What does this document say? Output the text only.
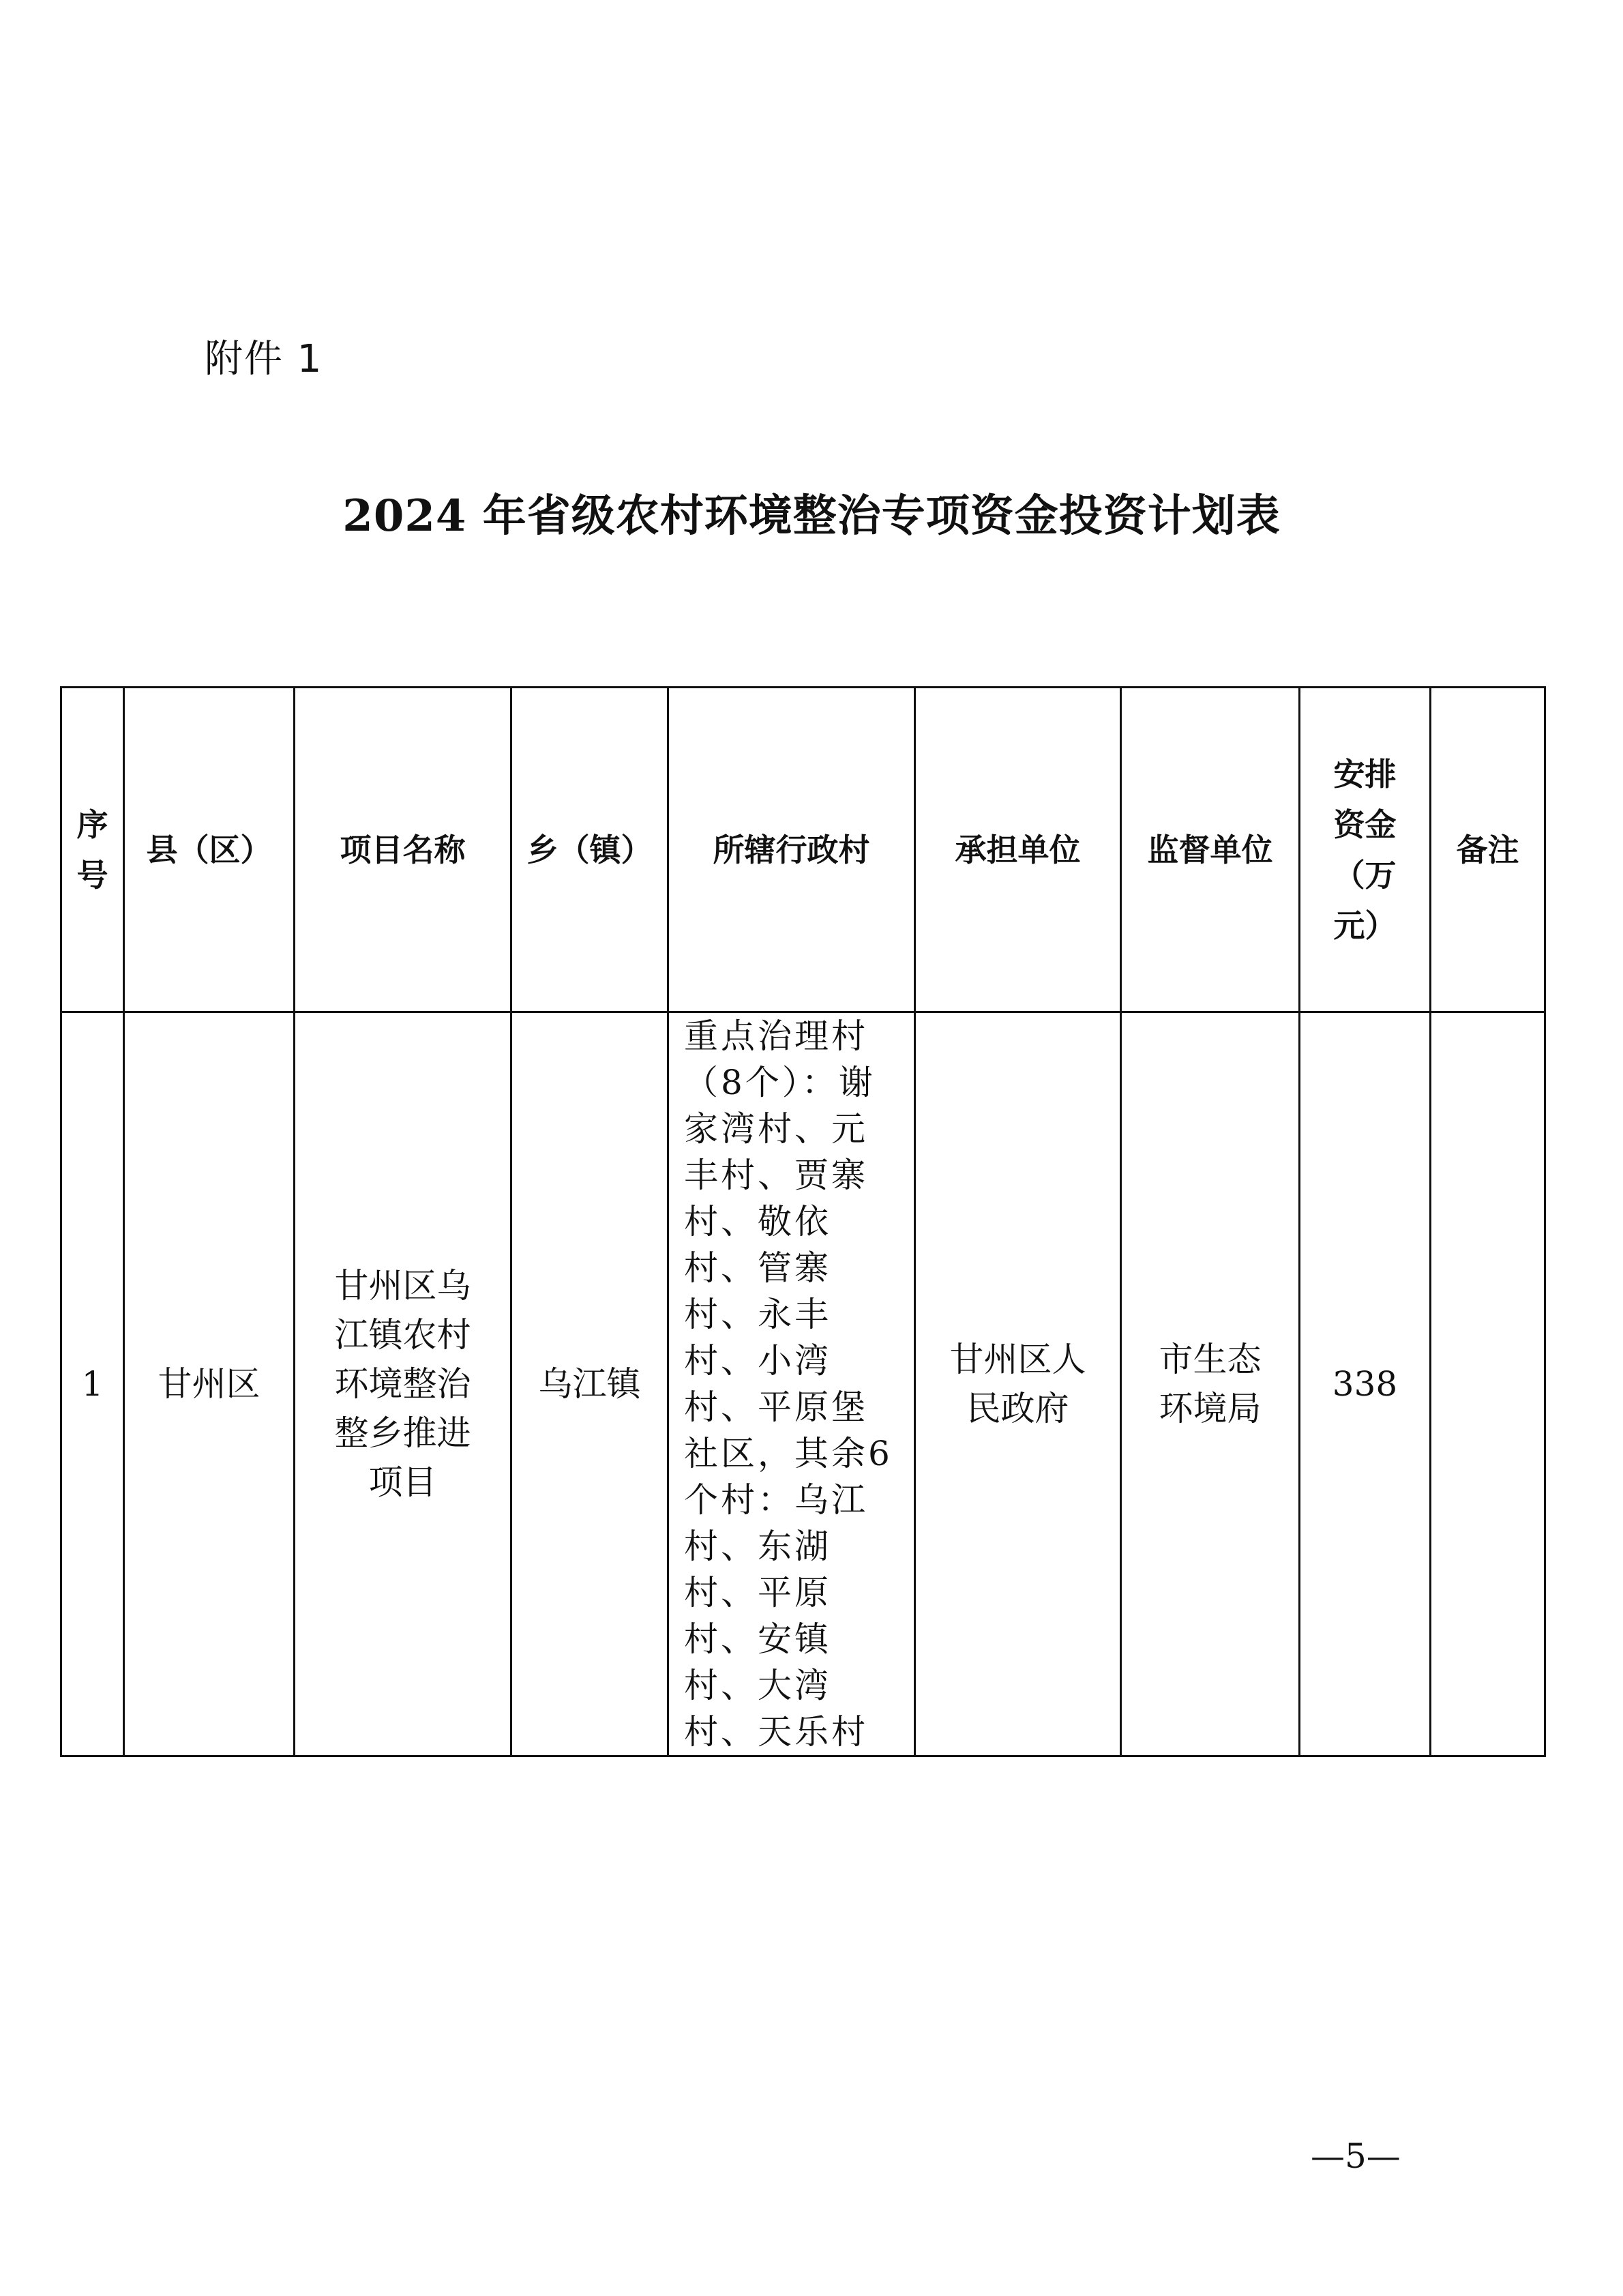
附件 1
2024 年省级农村环境整治专项资金投资计划表
序号	县（区）	项目名称	乡（镇）	所辖行政村	承担单位	监督单位	安排资金（万元）	备注
1	甘州区	甘州区乌江镇农村环境整治整乡推进项目	乌江镇	重点治理村（8个）：谢家湾村、元丰村、贾寨村、敬依村、管寨村、永丰村、小湾村、平原堡社区，其余6个村：乌江村、东湖村、平原村、安镇村、大湾村、天乐村	甘州区人民政府	市生态环境局	338	
—5—
